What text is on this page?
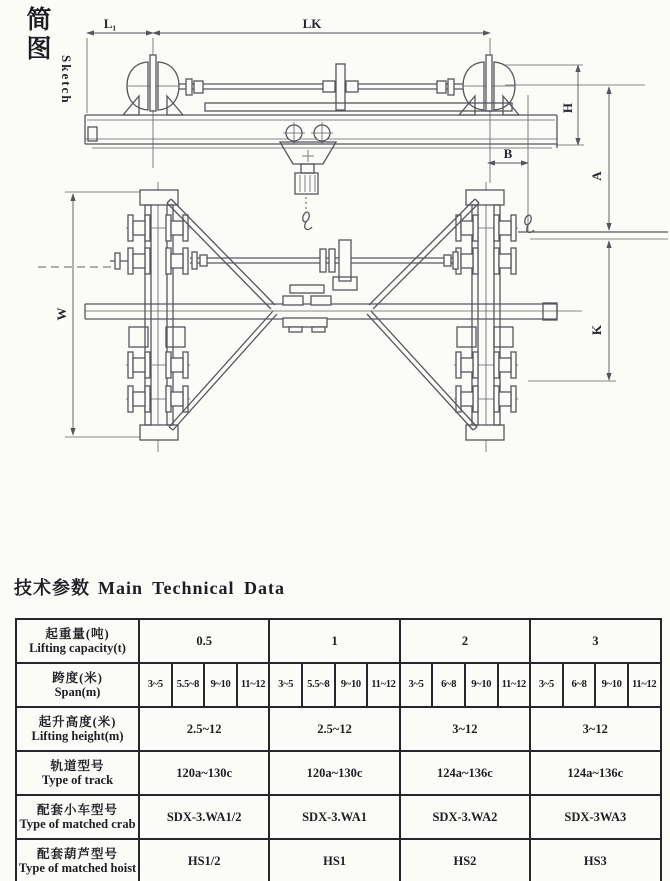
简图
Sketch
L₁	LK
H
B
A
W
K
技术参数 Main Technical Data
起重量(吨)
Lifting capacity(t)	0.5				1				2				3			

跨度(米)
Span(m)	3~5	5.5~8	9~10	11~12	3~5	5.5~8	9~10	11~12	3~5	6~8	9~10	11~12	3~5	6~8	9~10	11~12

起升高度(米)
Lifting height(m)	2.5~12				2.5~12				3~12				3~12			

轨道型号
Type of track	120a~130c				120a~130c				124a~136c				124a~136c			

配套小车型号
Type of matched crab	SDX-3.WA1/2				SDX-3.WA1				SDX-3.WA2				SDX-3WA3			

配套葫芦型号
Type of matched hoist	HS1/2				HS1				HS2				HS3			
